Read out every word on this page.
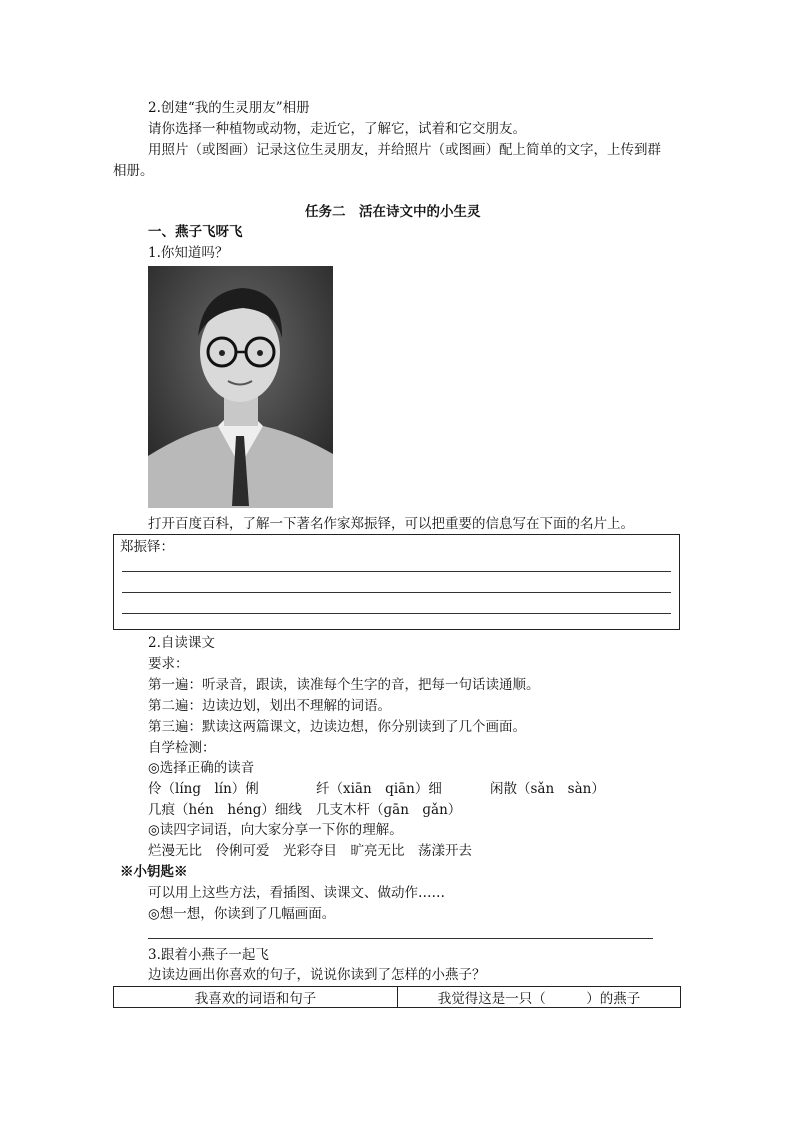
2.创建“我的生灵朋友”相册
请你选择一种植物或动物，走近它，了解它，试着和它交朋友。
用照片（或图画）记录这位生灵朋友，并给照片（或图画）配上简单的文字，上传到群
相册。
任务二　活在诗文中的小生灵
一、燕子飞呀飞
1.你知道吗？
打开百度百科，了解一下著名作家郑振铎，可以把重要的信息写在下面的名片上。
郑振铎：
2.自读课文
要求：
第一遍：听录音，跟读，读准每个生字的音，把每一句话读通顺。
第二遍：边读边划，划出不理解的词语。
第三遍：默读这两篇课文，边读边想，你分别读到了几个画面。
自学检测：
◎选择正确的读音
伶（líng　lín）俐	纤（xiān　qiān）细	闲散（sǎn　sàn）
几痕（hén　héng）细线 几支木杆（ɡān　ɡǎn）
◎读四字词语，向大家分享一下你的理解。
烂漫无比　伶俐可爱　光彩夺目　旷亮无比　荡漾开去
※小钥匙※
可以用上这些方法，看插图、读课文、做动作……
◎想一想，你读到了几幅画面。
3.跟着小燕子一起飞
边读边画出你喜欢的句子，说说你读到了怎样的小燕子？
我喜欢的词语和句子	我觉得这是一只（　　　）的燕子
